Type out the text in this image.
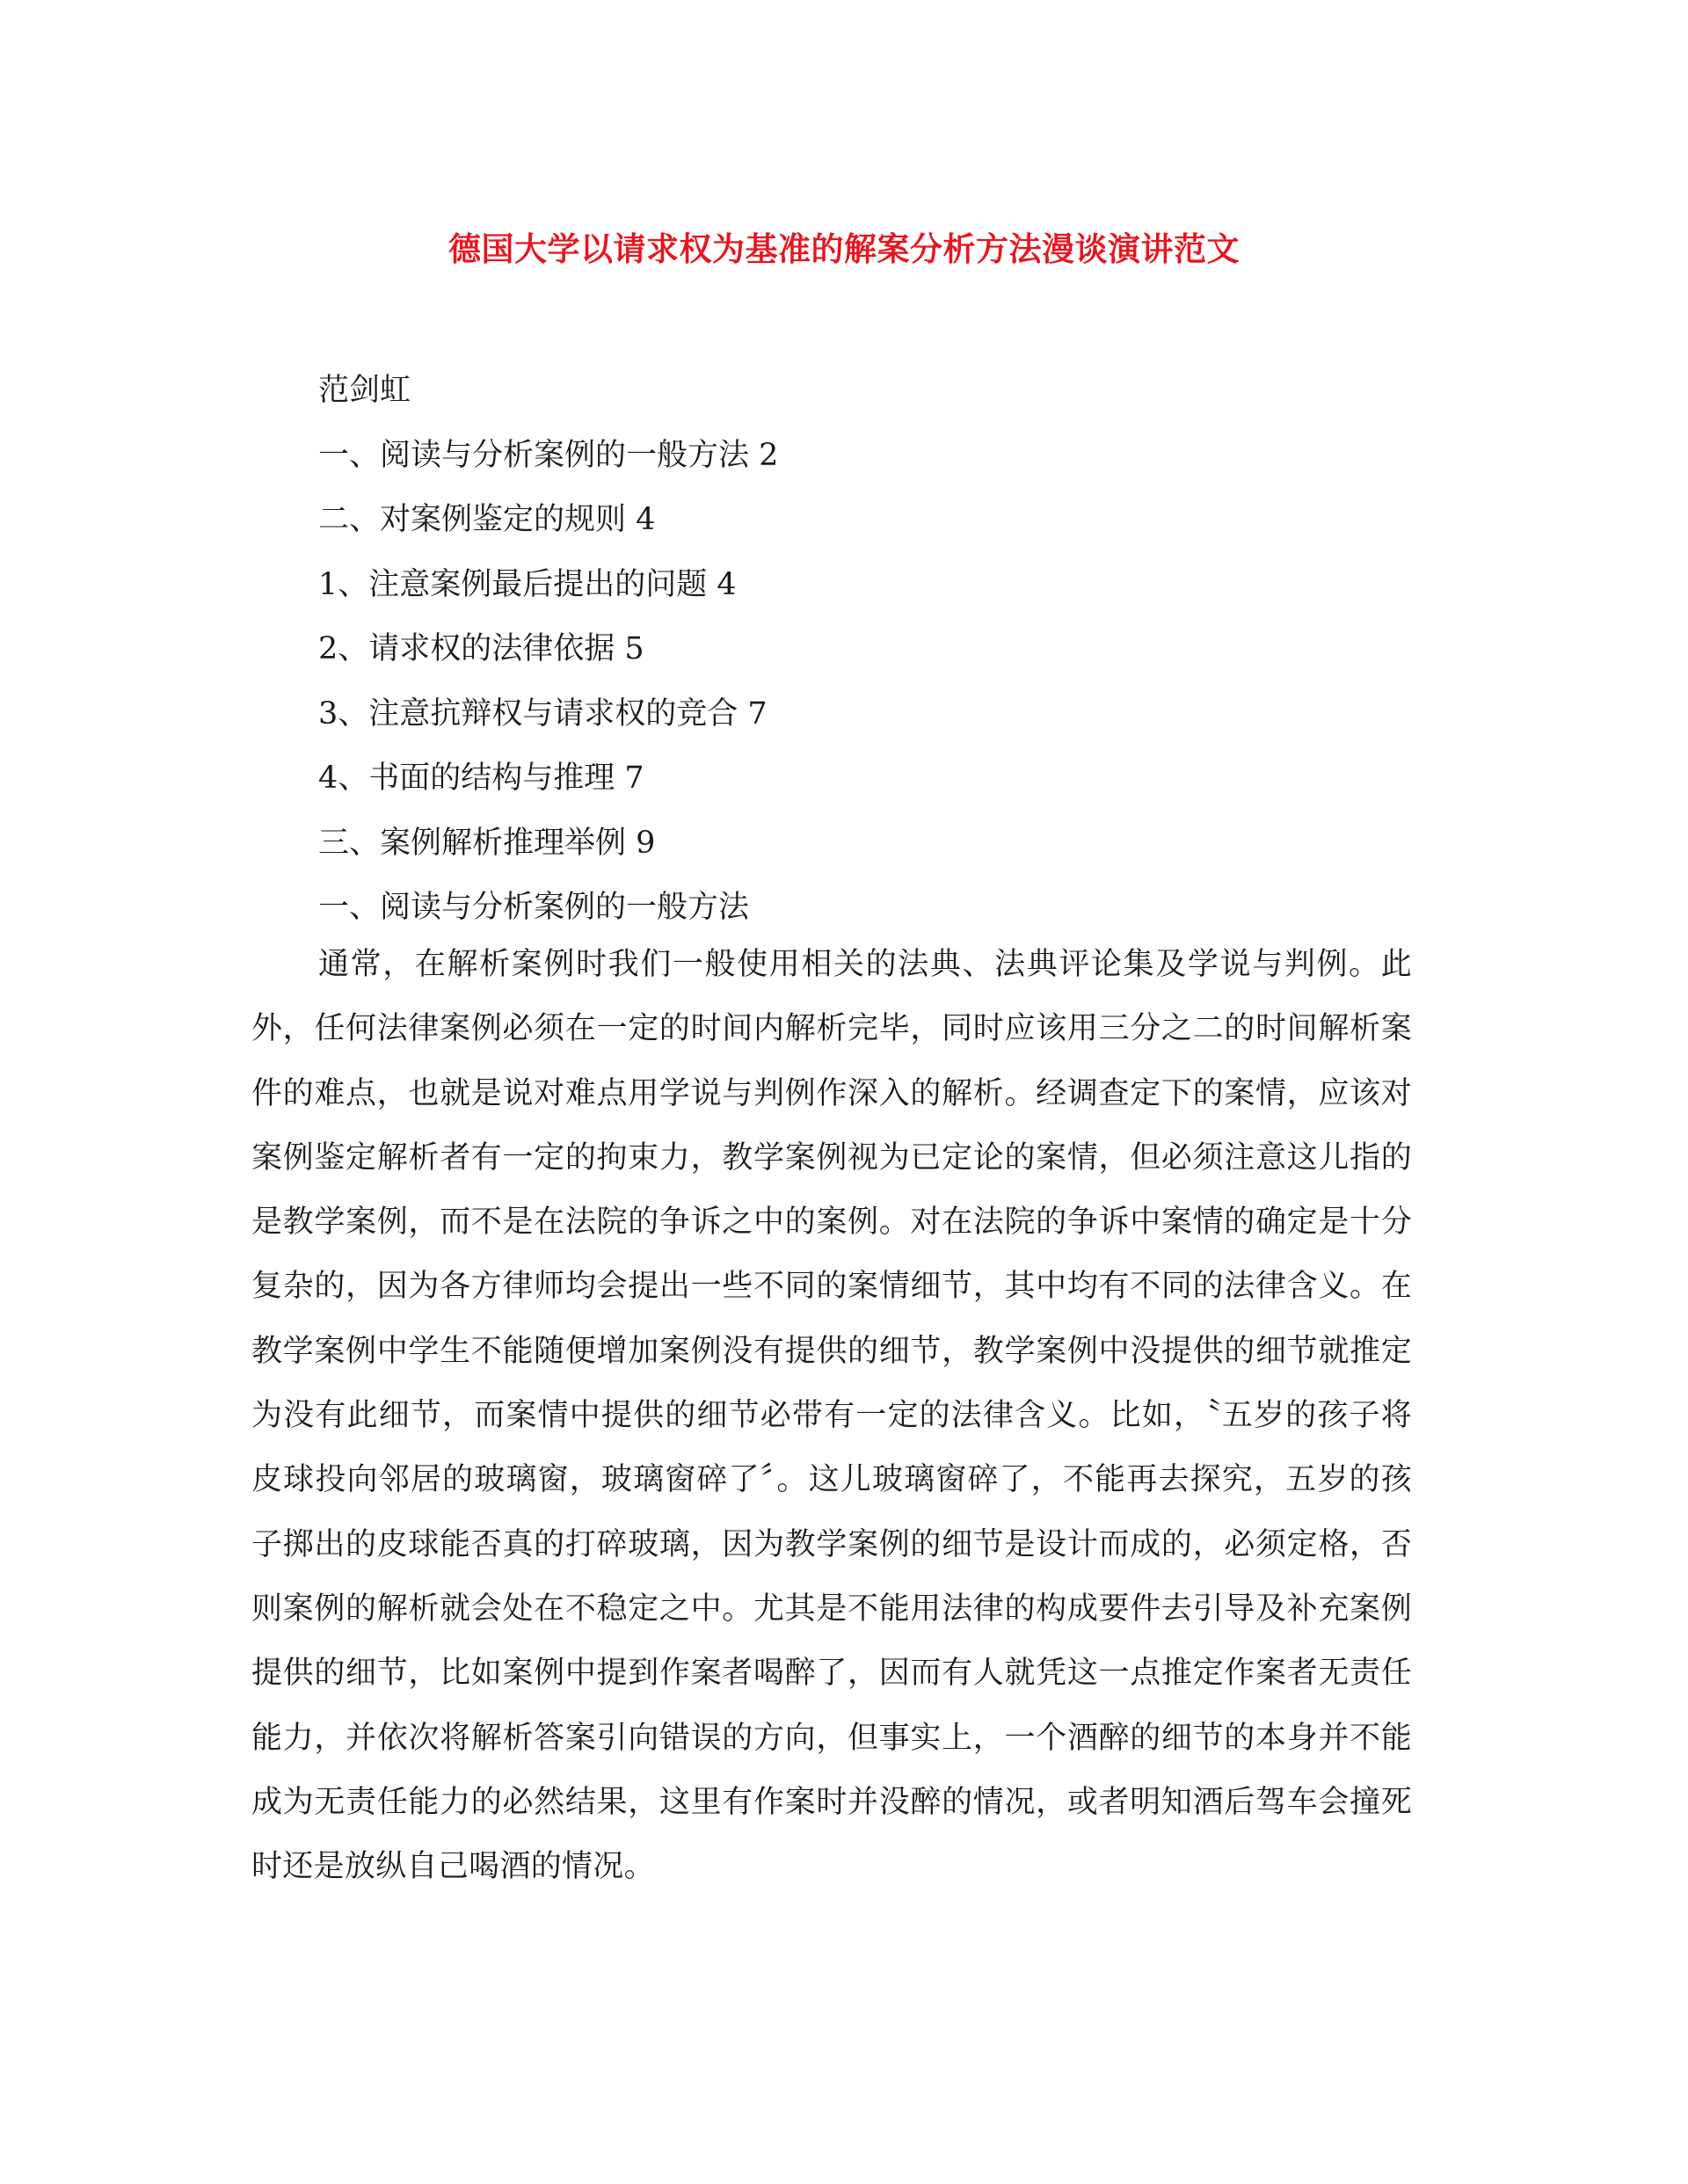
德国大学以请求权为基准的解案分析方法漫谈演讲范文
范剑虹
一、阅读与分析案例的一般方法 2
二、对案例鉴定的规则 4
1、注意案例最后提出的问题 4
2、请求权的法律依据 5
3、注意抗辩权与请求权的竞合 7
4、书面的结构与推理 7
三、案例解析推理举例 9
一、阅读与分析案例的一般方法
通常，在解析案例时我们一般使用相关的法典、法典评论集及学说与判例。此外，任何法律案例必须在一定的时间内解析完毕，同时应该用三分之二的时间解析案件的难点，也就是说对难点用学说与判例作深入的解析。经调查定下的案情，应该对案例鉴定解析者有一定的拘束力，教学案例视为已定论的案情，但必须注意这儿指的是教学案例，而不是在法院的争诉之中的案例。对在法院的争诉中案情的确定是十分复杂的，因为各方律师均会提出一些不同的案情细节，其中均有不同的法律含义。在教学案例中学生不能随便增加案例没有提供的细节，教学案例中没提供的细节就推定为没有此细节，而案情中提供的细节必带有一定的法律含义。比如，〝五岁的孩子将皮球投向邻居的玻璃窗，玻璃窗碎了〞。这儿玻璃窗碎了，不能再去探究，五岁的孩子掷出的皮球能否真的打碎玻璃，因为教学案例的细节是设计而成的，必须定格，否则案例的解析就会处在不稳定之中。尤其是不能用法律的构成要件去引导及补充案例提供的细节，比如案例中提到作案者喝醉了，因而有人就凭这一点推定作案者无责任能力，并依次将解析答案引向错误的方向，但事实上，一个酒醉的细节的本身并不能成为无责任能力的必然结果，这里有作案时并没醉的情况，或者明知酒后驾车会撞死时还是放纵自己喝酒的情况。
